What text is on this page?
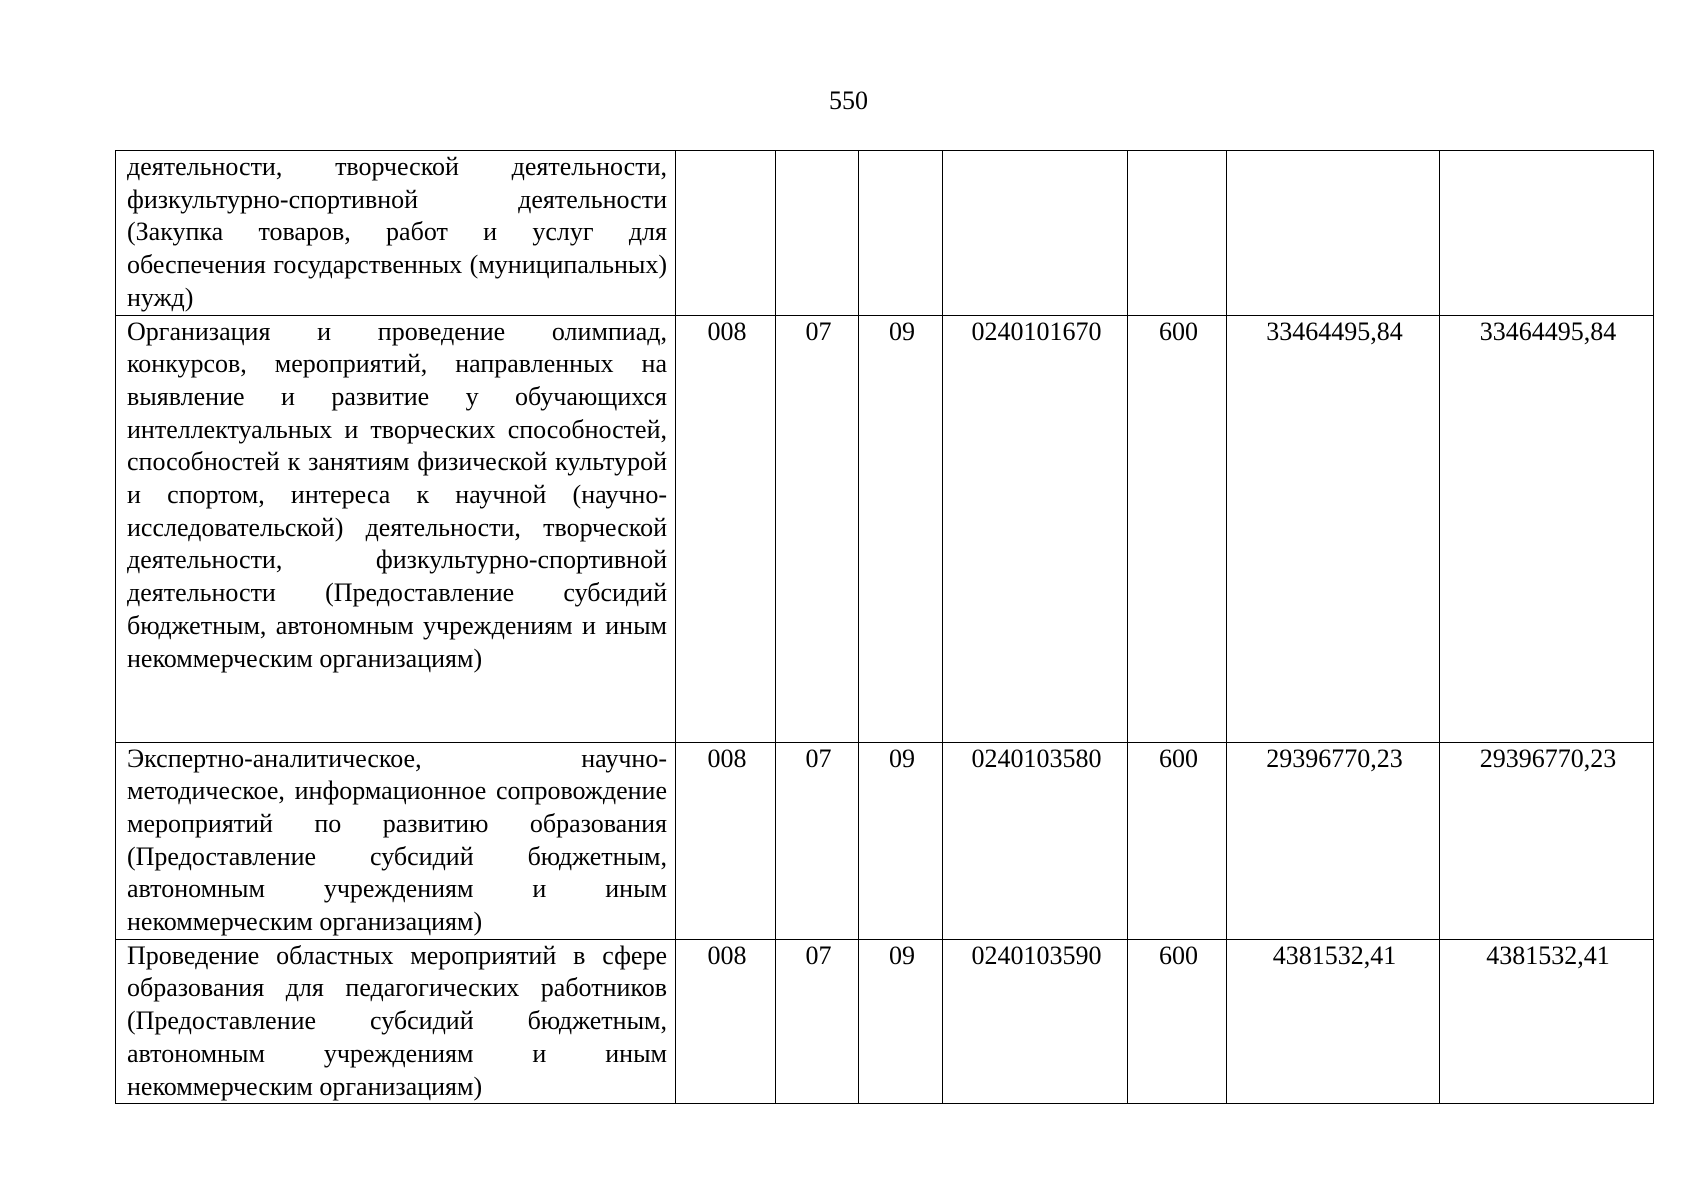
550
деятельности, творческой деятельности, физкультурно-спортивной деятельности (Закупка товаров, работ и услуг для обеспечения государственных (муниципальных) нужд)							
Организация и проведение олимпиад, конкурсов, мероприятий, направленных на выявление и развитие у обучающихся интеллектуальных и творческих способностей, способностей к занятиям физической культурой и спортом, интереса к научной (научно-исследовательской) деятельности, творческой деятельности, физкультурно-спортивной деятельности (Предоставление субсидий бюджетным, автономным учреждениям и иным некоммерческим организациям)	008	07	09	0240101670	600	33464495,84	33464495,84
Экспертно-аналитическое, научно-методическое, информационное сопровождение мероприятий по развитию образования (Предоставление субсидий бюджетным, автономным учреждениям и иным некоммерческим организациям)	008	07	09	0240103580	600	29396770,23	29396770,23
Проведение областных мероприятий в сфере образования для педагогических работников (Предоставление субсидий бюджетным, автономным учреждениям и иным некоммерческим организациям)	008	07	09	0240103590	600	4381532,41	4381532,41
